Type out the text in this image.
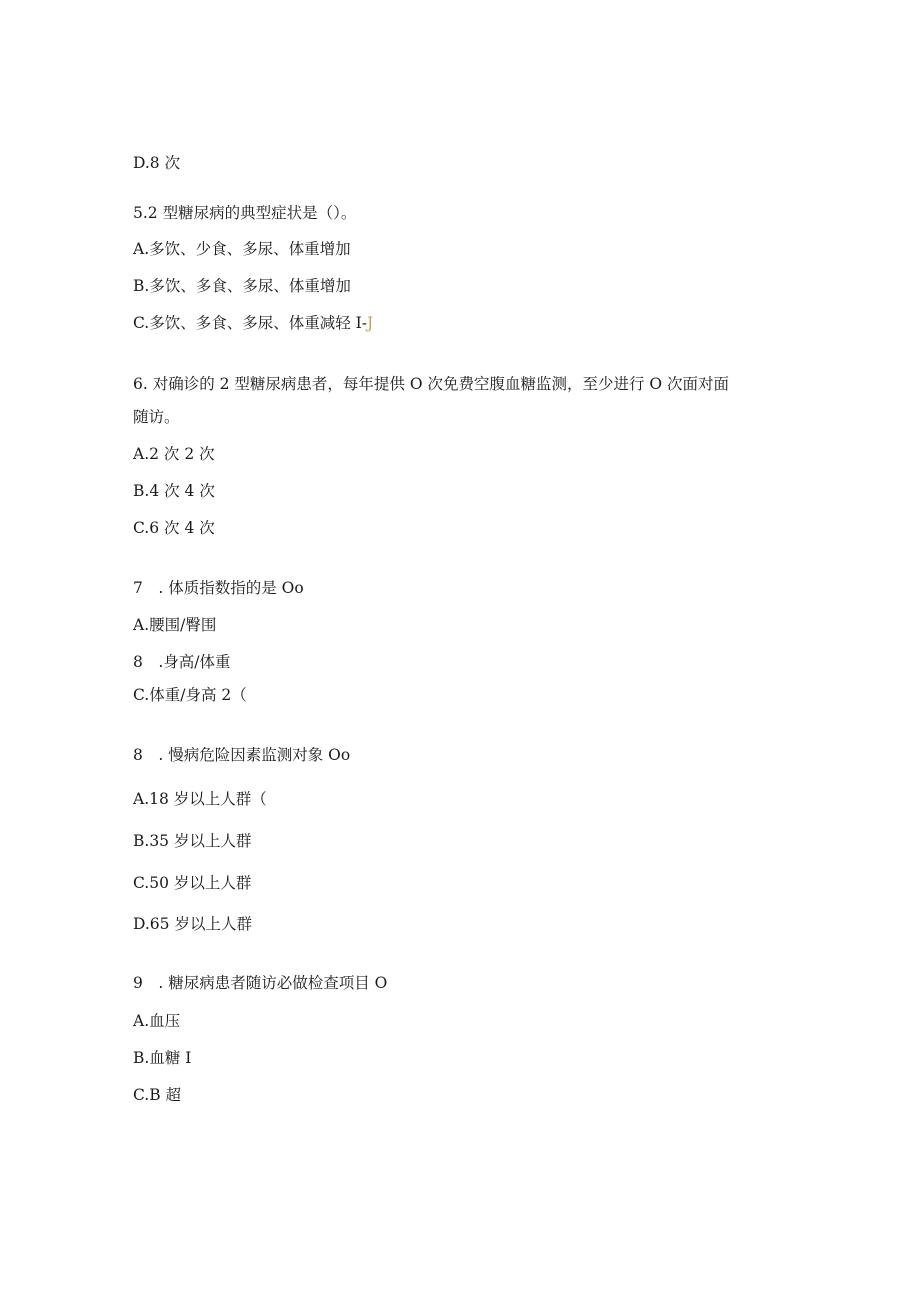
D.8 次
5.2 型糖尿病的典型症状是（）。
A.多饮、少食、多尿、体重增加
B.多饮、多食、多尿、体重增加
C.多饮、多食、多尿、体重减轻 I-J
6. 对确诊的 2 型糖尿病患者，每年提供 O 次免费空腹血糖监测，至少进行 O 次面对面
随访。
A.2 次 2 次
B.4 次 4 次
C.6 次 4 次
7　. 体质指数指的是 Oo
A.腰围/臀围
8　.身高/体重
C.体重/身高 2（
8　. 慢病危险因素监测对象 Oo
A.18 岁以上人群（
B.35 岁以上人群
C.50 岁以上人群
D.65 岁以上人群
9　. 糖尿病患者随访必做检查项目 O
A.血压
B.血糖 I
C.B 超
